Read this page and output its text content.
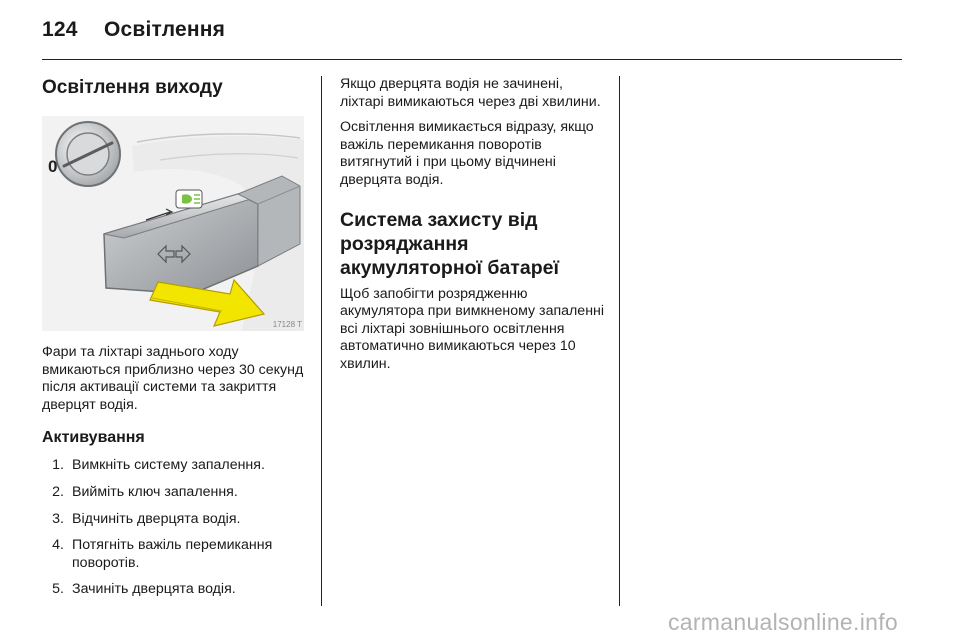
124 Освітлення
Освітлення виходу
0
17128 T

Фари та ліхтарі заднього ходу вмикаються приблизно через 30 секунд після активації системи та закриття дверцят водія.

Активування
1. Вимкніть систему запалення.
2. Вийміть ключ запалення.
3. Відчиніть дверцята водія.
4. Потягніть важіль перемикання поворотів.
5. Зачиніть дверцята водія.

Якщо дверцята водія не зачинені, ліхтарі вимикаються через дві хвилини.

Освітлення вимикається відразу, якщо важіль перемикання поворотів витягнутий і при цьому відчинені дверцята водія.

Система захисту від розряджання акумуляторної батареї

Щоб запобігти розрядженню акумулятора при вимкненому запаленні всі ліхтарі зовнішнього освітлення автоматично вимикаються через 10 хвилин.

carmanualsonline.info
